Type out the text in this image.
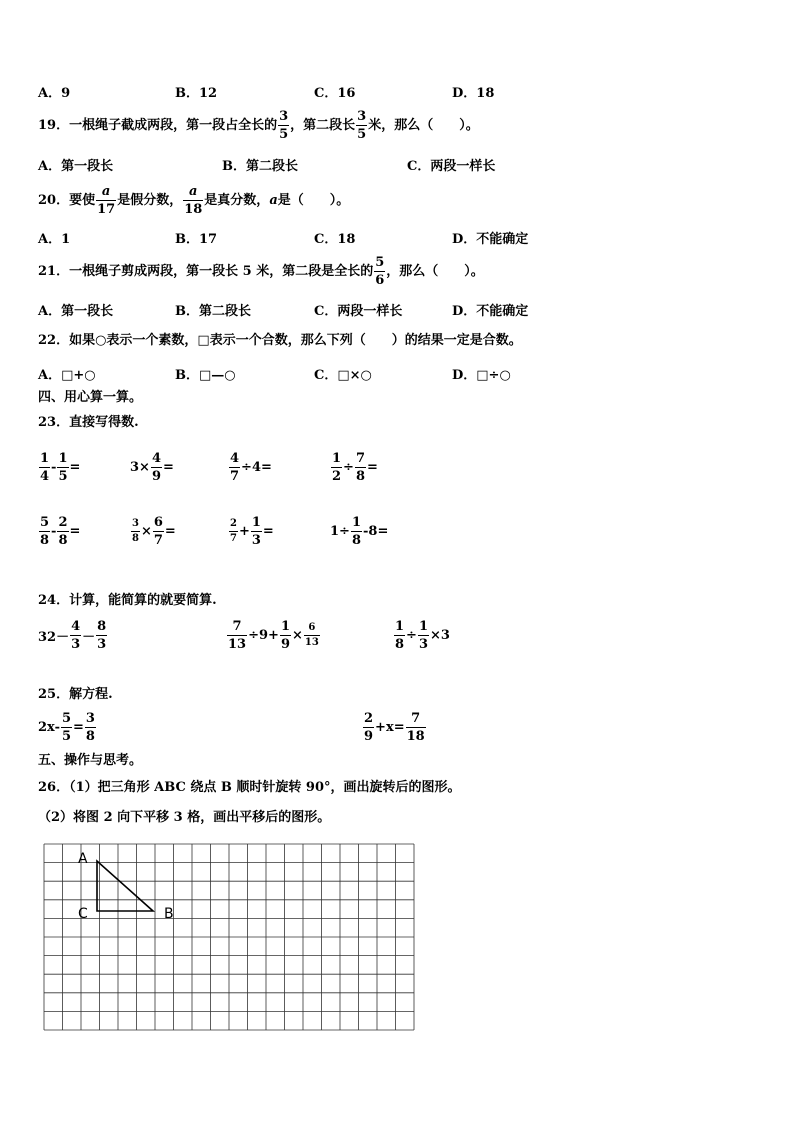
A．9	B．12	C．16	D．18
19．一根绳子截成两段，第一段占全长的 $\frac{3}{5}$ ，第二段长 $\frac{3}{5}$ 米，那么（　　）。
A．第一段长	B．第二段长	C．两段一样长
20．要使 $\frac{a}{17}$ 是假分数， $\frac{a}{18}$ 是真分数，a是（　　）。
A．1	B．17	C．18	D．不能确定
21．一根绳子剪成两段，第一段长 5 米，第二段是全长的 $\frac{5}{6}$ ，那么（　　）。
A．第一段长	B．第二段长	C．两段一样长	D．不能确定
22．如果○表示一个素数，□表示一个合数，那么下列（　　）的结果一定是合数。
A．□+○	B．□—○	C．□×○	D．□÷○
四、用心算一算。
23．直接写得数.
$\frac{1}{4} - \frac{1}{5}$ =	$3\times \frac{4}{9}$ =	$\frac{4}{7} \div 4=$	$\frac{1}{2} \div \frac{7}{8}$ =
$\frac{5}{8} - \frac{2}{8}$ =	$\frac{3}{8} \times \frac{6}{7}$ =	$\frac{2}{7} + \frac{1}{3}$ =	$1\div \frac{1}{8} -8=$
24．计算，能简算的就要简算.
$32- \frac{4}{3} - \frac{8}{3}$	$\frac{7}{13} \div 9+ \frac{1}{9} \times \frac{6}{13}$	$\frac{1}{8} \div \frac{1}{3} \times 3$
25．解方程.
$2x- \frac{5}{5} = \frac{3}{8}$	$\frac{2}{9} +x= \frac{7}{18}$
五、操作与思考。
26．（1）把三角形 ABC 绕点 B 顺时针旋转 90°，画出旋转后的图形。
（2）将图 2 向下平移 3 格，画出平移后的图形。
A
C	B
